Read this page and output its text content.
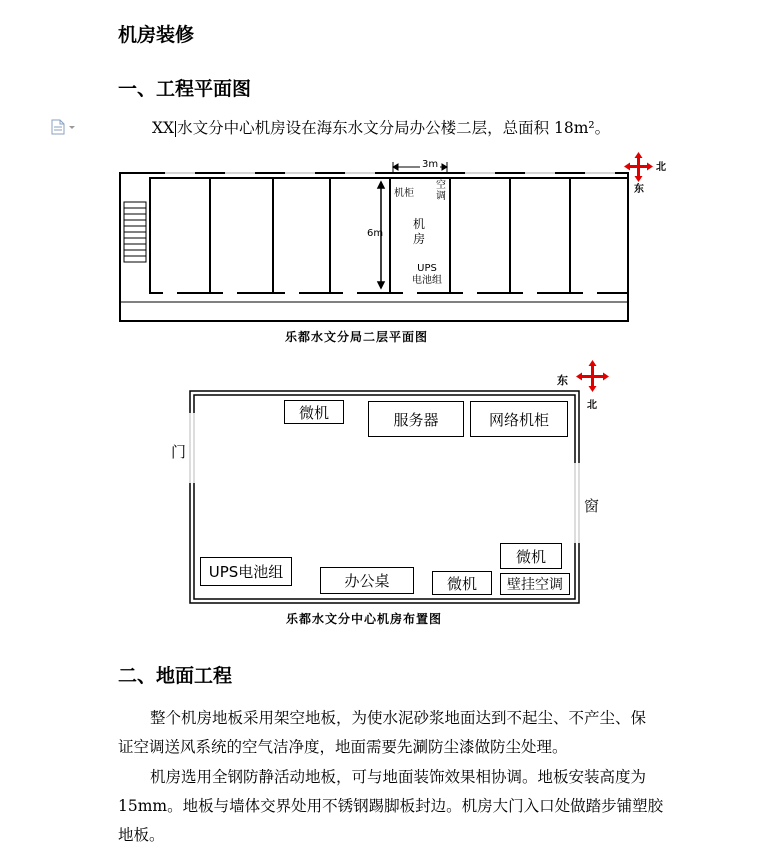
机房装修
一、工程平面图
XX 水文分中心机房设在海东水文分局办公楼二层，总面积 18m²。
3m
6m
机柜
空
调
机
房
UPS
电池组
北
东
乐都水文分局二层平面图
微机	服务器	网络机柜
UPS电池组	办公桌	微机
微机
壁挂空调
门
窗
东
北
乐都水文分中心机房布置图
二、地面工程
整个机房地板采用架空地板，为使水泥砂浆地面达到不起尘、不产尘、保
证空调送风系统的空气洁净度，地面需要先涮防尘漆做防尘处理。
机房选用全钢防静活动地板，可与地面装饰效果相协调。地板安装高度为
15mm。地板与墙体交界处用不锈钢踢脚板封边。机房大门入口处做踏步铺塑胶
地板。
